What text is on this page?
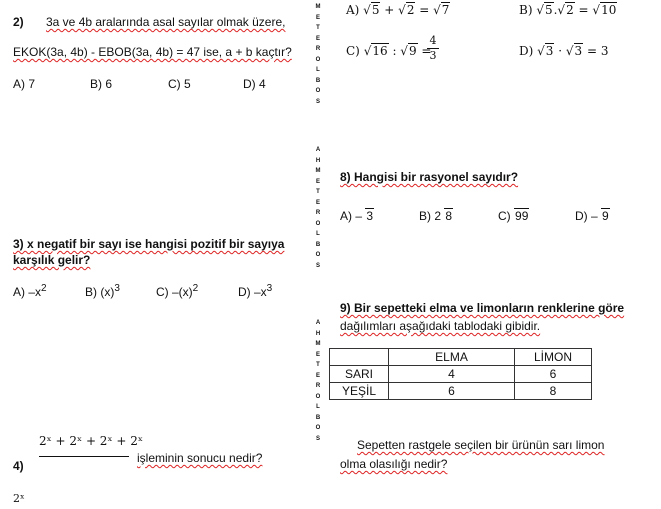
M
E
T
E
R
O
L
B
O
S
A
H
M
E
T
E
R
O
L
B
O
S
A
H
M
E
T
E
R
O
L
B
O
S
2) 3a ve 4b aralarında asal sayılar olmak üzere,
EKOK(3a, 4b) - EBOB(3a, 4b) = 47 ise, a + b kaçtır?
A) 7	B) 6	C) 5	D) 4
3) x negatif bir sayı ise hangisi pozitif bir sayıya
karşılık gelir?
A) $-x^2$	B) $(x)^3$	C) $-(x)^2$	D) $-x^3$
2ˣ + 2ˣ + 2ˣ + 2ˣ
işleminin sonucu nedir?
4)
2ˣ
A) √5 + √2 = √7	B) √5.√2 = √10
C) √16 : √9 =
$\frac{4}{3}$	D) √3 · √3 = 3
8) Hangisi bir rasyonel sayıdır?
A) – 3	B) 2 8	C) 99	D) – 9
9) Bir sepetteki elma ve limonların renklerine göre
dağılımları aşağıdaki tablodaki gibidir.
	ELMA	LİMON
SARI	4	6
YEŞİL	6	8
Sepetten rastgele seçilen bir ürünün sarı limon
olma olasılığı nedir?
